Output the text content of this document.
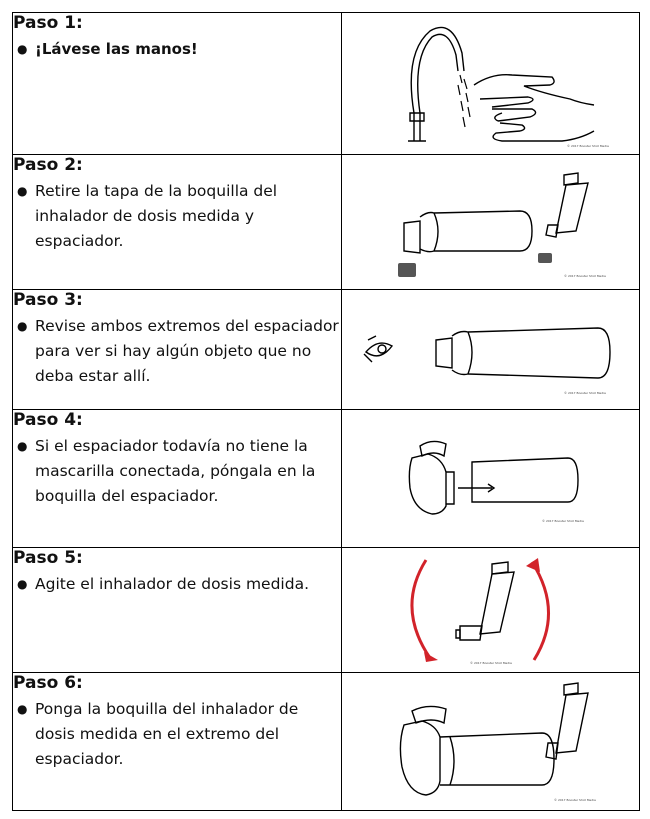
Paso 1:
● ¡Lávese las manos!	© 2017 Booster Shot Media

Paso 2:
● Retire la tapa de la boquilla del inhalador de dosis medida y espaciador.	© 2017 Booster Shot Media

Paso 3:
● Revise ambos extremos del espaciador para ver si hay algún objeto que no deba estar allí.	© 2017 Booster Shot Media

Paso 4:
● Si el espaciador todavía no tiene la mascarilla conectada, póngala en la boquilla del espaciador.	© 2017 Booster Shot Media

Paso 5:
● Agite el inhalador de dosis medida.	© 2017 Booster Shot Media

Paso 6:
● Ponga la boquilla del inhalador de dosis medida en el extremo del espaciador.	© 2017 Booster Shot Media
